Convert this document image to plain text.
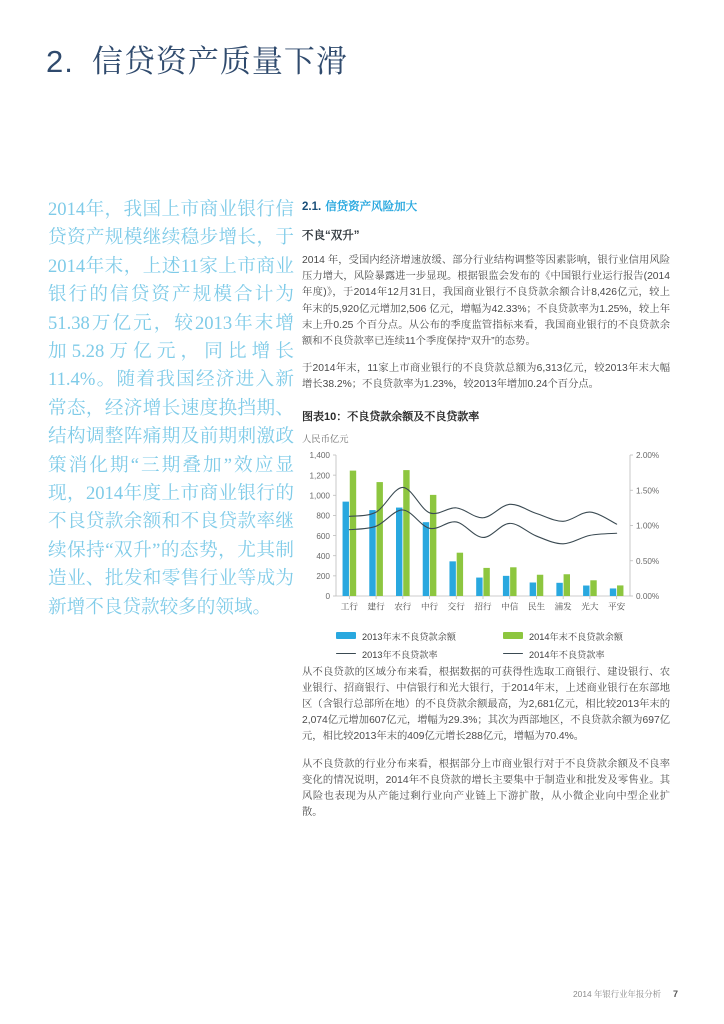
2. 信贷资产质量下滑

2014年，我国上市商业银行信贷资产规模继续稳步增长，于2014年末，上述11家上市商业银行的信贷资产规模合计为51.38万亿元，较2013年末增加5.28万亿元，同比增长11.4%。随着我国经济进入新常态，经济增长速度换挡期、结构调整阵痛期及前期刺激政策消化期“三期叠加”效应显现，2014年度上市商业银行的不良贷款余额和不良贷款率继续保持“双升”的态势，尤其制造业、批发和零售行业等成为新增不良贷款较多的领域。

2.1. 信贷资产风险加大
不良“双升”

2014 年，受国内经济增速放缓、部分行业结构调整等因素影响，银行业信用风险压力增大，风险暴露进一步显现。根据银监会发布的《中国银行业运行报告(2014年度)》，于2014年12月31日，我国商业银行不良贷款余额合计8,426亿元，较上年末的5,920亿元增加2,506 亿元，增幅为42.33%；不良贷款率为1.25%，较上年末上升0.25 个百分点。从公布的季度监管指标来看，我国商业银行的不良贷款余额和不良贷款率已连续11个季度保持“双升”的态势。

于2014年末，11家上市商业银行的不良贷款总额为6,313亿元，较2013年末大幅增长38.2%；不良贷款率为1.23%，较2013年增加0.24个百分点。

图表10：不良贷款余额及不良贷款率
人民币亿元
0
200
400
600
800
1,000
1,200
1,400
0.00%
0.50%
1.00%
1.50%
2.00%
工行 建行 农行 中行 交行 招行 中信 民生 浦发 光大 平安
2013年末不良贷款余额	2014年末不良贷款余额
2013年不良贷款率	2014年不良贷款率

从不良贷款的区域分布来看，根据数据的可获得性选取工商银行、建设银行、农业银行、招商银行、中信银行和光大银行，于2014年末，上述商业银行在东部地区（含银行总部所在地）的不良贷款余额最高，为2,681亿元，相比较2013年末的2,074亿元增加607亿元，增幅为29.3%；其次为西部地区，不良贷款余额为697亿元，相比较2013年末的409亿元增长288亿元，增幅为70.4%。

从不良贷款的行业分布来看，根据部分上市商业银行对于不良贷款余额及不良率变化的情况说明，2014年不良贷款的增长主要集中于制造业和批发及零售业。其风险也表现为从产能过剩行业向产业链上下游扩散，从小微企业向中型企业扩散。

2014 年银行业年报分析 7
